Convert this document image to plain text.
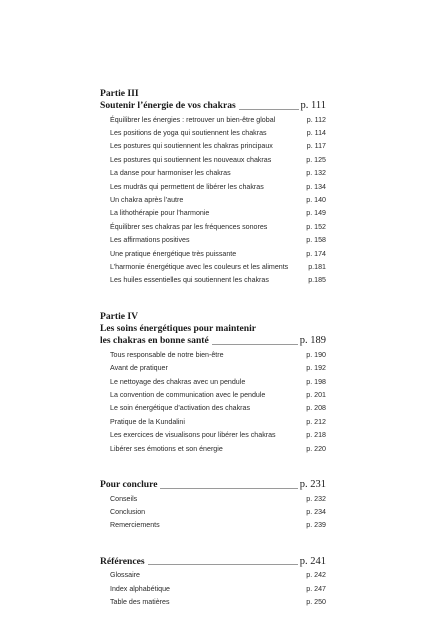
Partie III
Soutenir l’énergie de vos chakras	p. 111
Équilibrer les énergies : retrouver un bien-être global	p. 112
Les positions de yoga qui soutiennent les chakras	p. 114
Les postures qui soutiennent les chakras principaux	p. 117
Les postures qui soutiennent les nouveaux chakras	p. 125
La danse pour harmoniser les chakras	p. 132
Les mudrās qui permettent de libérer les chakras	p. 134
Un chakra après l’autre	p. 140
La lithothérapie pour l’harmonie	p. 149
Équilibrer ses chakras par les fréquences sonores	p. 152
Les affirmations positives	p. 158
Une pratique énergétique très puissante	p. 174
L’harmonie énergétique avec les couleurs et les aliments	p.181
Les huiles essentielles qui soutiennent les chakras	p.185
Partie IV
Les soins énergétiques pour maintenir
les chakras en bonne santé	p. 189
Tous responsable de notre bien-être	p. 190
Avant de pratiquer	p. 192
Le nettoyage des chakras avec un pendule	p. 198
La convention de communication avec le pendule	p. 201
Le soin énergétique d’activation des chakras	p. 208
Pratique de la Kundalini	p. 212
Les exercices de visualisons pour libérer les chakras	p. 218
Libérer ses émotions et son énergie	p. 220
Pour conclure	p. 231
Conseils	p. 232
Conclusion	p. 234
Remerciements	p. 239
Références	p. 241
Glossaire	p. 242
Index alphabétique	p. 247
Table des matières	p. 250
